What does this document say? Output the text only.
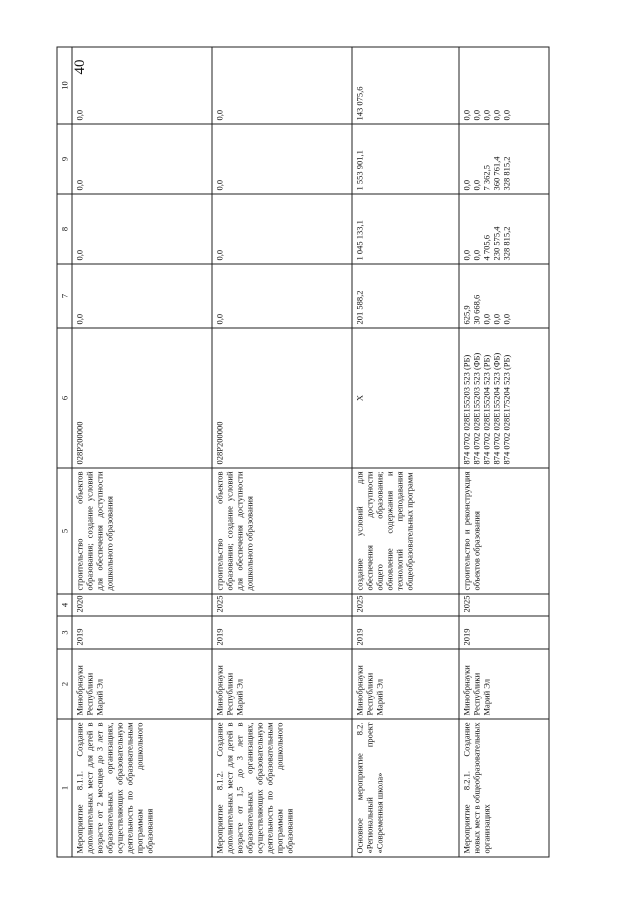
40
1	2	3	4	5	6	7	8	9	10

Мероприятие 8.1.1. Создание дополнительных мест для детей в возрасте от 2 месяцев до 3 лет в образовательных организациях, осуществляющих образовательную деятельность по образовательным программам дошкольного образования	Минобрнауки Республики Марий Эл	2019	2020	строительство объектов образования; создание условий для обеспечения доступности дошкольного образования	028P200000	0,0	0,0	0,0	0,0

Мероприятие 8.1.2. Создание дополнительных мест для детей в возрасте от 1,5 до 3 лет в образовательных организациях, осуществляющих образовательную деятельность по образовательным программам дошкольного образования	Минобрнауки Республики Марий Эл	2019	2025	строительство объектов образования; создание условий для обеспечения доступности дошкольного образования	028P200000	0,0	0,0	0,0	0,0

Основное мероприятие 8.2. «Региональный проект «Современная школа»	Минобрнауки Республики Марий Эл	2019	2025	создание условий для обеспечения доступности общего образования; обновление содержания и технологий преподавания общеобразовательных программ	X	201 588,2	1 045 133,1	1 553 901,1	143 075,6

Мероприятие 8.2.1. Создание новых мест в общеобразовательных организациях	Минобрнауки Республики Марий Эл	2019	2025	строительство и реконструкция объектов образования	874 0702 028E155203 523 (РБ) 874 0702 028E155203 523 (ФБ) 874 0702 028E155204 523 (РБ) 874 0702 028E155204 523 (ФБ) 874 0702 028E175204 523 (РБ)	625,9 30 668,6 0,0 0,0 0,0	0,0 0,0 4 705,6 230 575,4 328 815,2	0,0 0,0 7 362,5 360 761,4 328 815,2	0,0 0,0 0,0 0,0 0,0
